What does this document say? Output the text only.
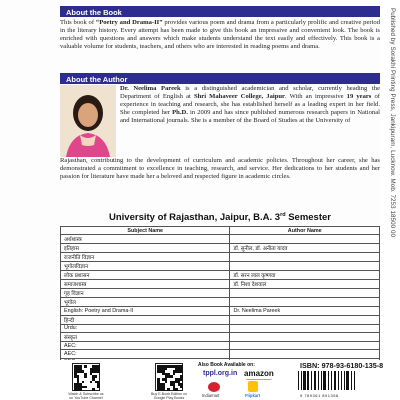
About the Book

This book of “Poetry and Drama-II” provides various poem and drama from a particularly prolific and creative period in the literary history. Every attempt has been made to give this book an impressive and convenient look. The book is enriched with questions and answers which make students understand the text easily and effectively. This book is a valuable volume for students, teachers, and others who are interested in reading poems and drama.

About the Author

Dr. Neelima Pareek is a distinguished academician and scholar, currently heading the Department of English at Shri Mahaveer College, Jaipur. With an impressive 19 years of experience in teaching and research, she has established herself as a leading expert in her field. She completed her Ph.D. in 2009 and has since published numerous research papers in National and International journals. She is a member of the Board of Studies at the University of

Rajasthan, contributing to the development of curriculum and academic policies. Throughout her career, she has demonstrated a commitment to excellence in teaching, research, and service. Her dedications to her students and her passion for literature have made her a beloved and respected figure in academic circles.

University of Rajasthan, Jaipur, B.A. 3rd Semester
Subject Name	Author Name
अर्थशास्त्र	
इतिहास	डॉ. सुनील, डॉ. अनीता यादव
राजनीति विज्ञान	
भूगोलविज्ञान	
लोक प्रशासन	डॉ. सरन लाल कृष्णवा
समाजशास्त्र	डॉ. निशा देशवाल
गृह विज्ञान	
भूगोल	
English: Poetry and Drama-II	Dr. Neelima Pareek
हिन्दी	
Urdu:	
संस्कृत	
AEC:	
AEC:	

Published by Sorakhi Printing Press, Jankipuram, Lucknow. Mob. 7253 18500 00
Watch & Subscribe us on YouTube Channel
Buy E-Book Edition on Google Play Books
Also Book Available on:
tppl.org.in amazon
Indiamart	Flipkart
ISBN: 978-93-6180-135-8
9 789361 801358
